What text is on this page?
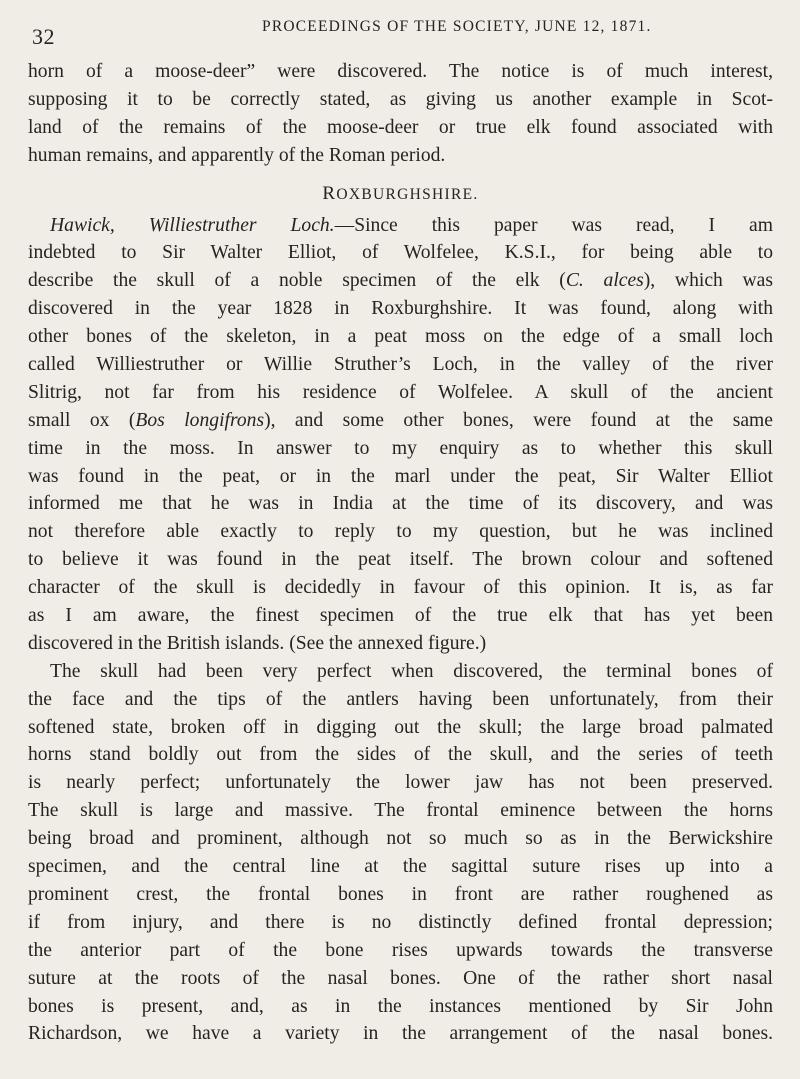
32	PROCEEDINGS OF THE SOCIETY, JUNE 12, 1871.
horn of a moose-deer” were discovered. The notice is of much interest,
supposing it to be correctly stated, as giving us another example in Scot-
land of the remains of the moose-deer or true elk found associated with
human remains, and apparently of the Roman period.
ROXBURGHSHIRE.
Hawick, Williestruther Loch.—Since this paper was read, I am
indebted to Sir Walter Elliot, of Wolfelee, K.S.I., for being able to
describe the skull of a noble specimen of the elk (C. alces), which was
discovered in the year 1828 in Roxburghshire. It was found, along with
other bones of the skeleton, in a peat moss on the edge of a small loch
called Williestruther or Willie Struther’s Loch, in the valley of the river
Slitrig, not far from his residence of Wolfelee. A skull of the ancient
small ox (Bos longifrons), and some other bones, were found at the same
time in the moss. In answer to my enquiry as to whether this skull
was found in the peat, or in the marl under the peat, Sir Walter Elliot
informed me that he was in India at the time of its discovery, and was
not therefore able exactly to reply to my question, but he was inclined
to believe it was found in the peat itself. The brown colour and softened
character of the skull is decidedly in favour of this opinion. It is, as far
as I am aware, the finest specimen of the true elk that has yet been
discovered in the British islands. (See the annexed figure.)
The skull had been very perfect when discovered, the terminal bones of
the face and the tips of the antlers having been unfortunately, from their
softened state, broken off in digging out the skull; the large broad palmated
horns stand boldly out from the sides of the skull, and the series of teeth
is nearly perfect; unfortunately the lower jaw has not been preserved.
The skull is large and massive. The frontal eminence between the horns
being broad and prominent, although not so much so as in the Berwickshire
specimen, and the central line at the sagittal suture rises up into a
prominent crest, the frontal bones in front are rather roughened as
if from injury, and there is no distinctly defined frontal depression;
the anterior part of the bone rises upwards towards the transverse
suture at the roots of the nasal bones. One of the rather short nasal
bones is present, and, as in the instances mentioned by Sir John
Richardson, we have a variety in the arrangement of the nasal bones.
